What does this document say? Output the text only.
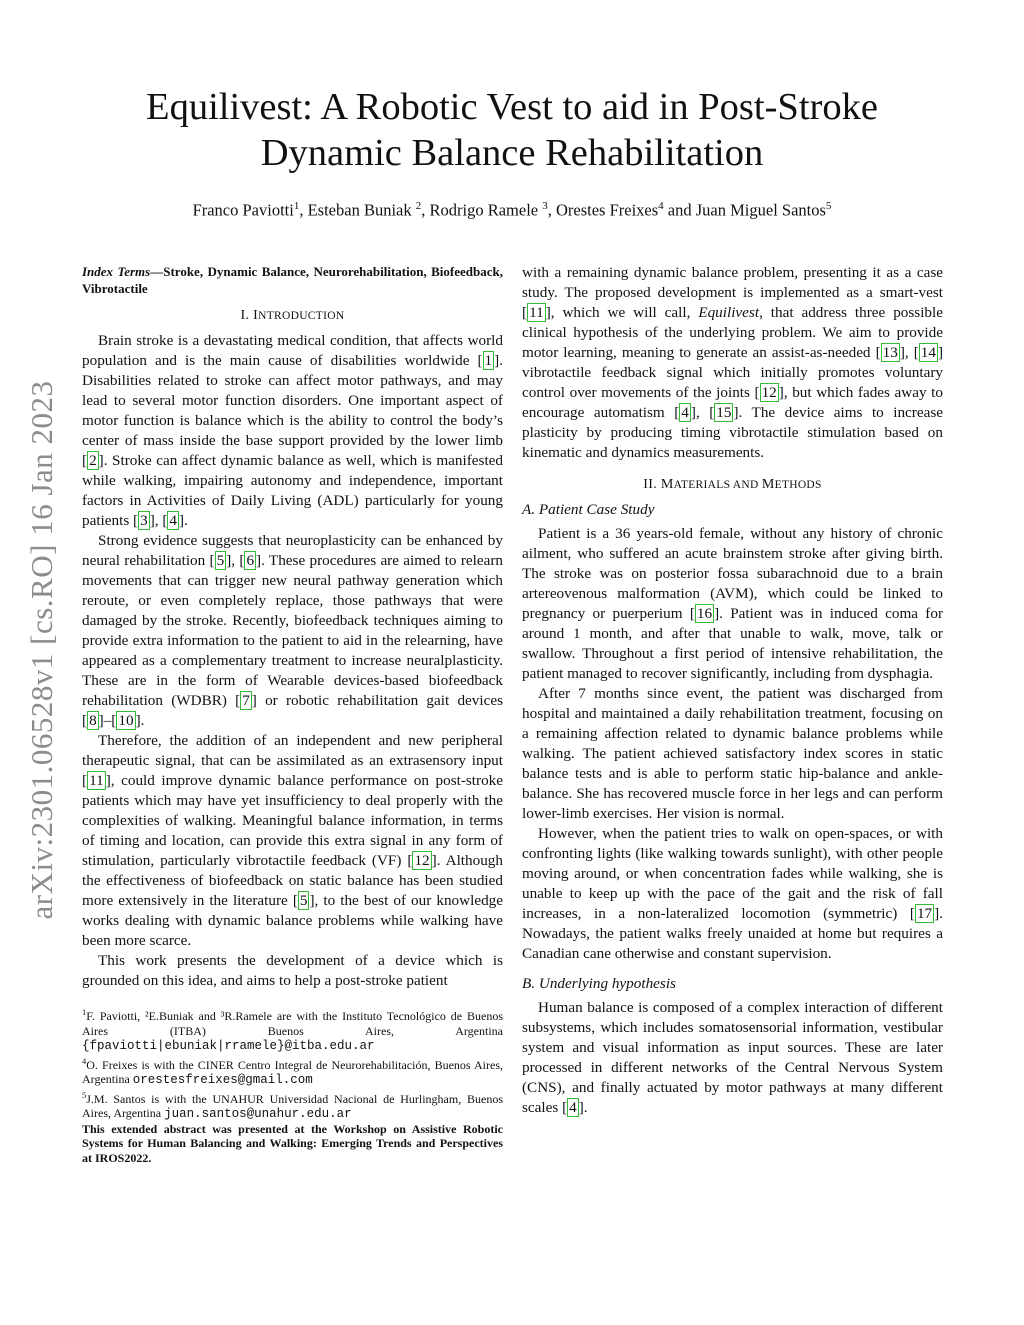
arXiv:2301.06528v1 [cs.RO] 16 Jan 2023
Equilivest: A Robotic Vest to aid in Post-Stroke
Dynamic Balance Rehabilitation
Franco Paviotti$^1$, Esteban Buniak $^2$, Rodrigo Ramele $^3$, Orestes Freixes$^4$ and Juan Miguel Santos$^5$
Index Terms—Stroke, Dynamic Balance, Neurorehabilitation, Biofeedback, Vibrotactile
I. INTRODUCTION

Brain stroke is a devastating medical condition, that affects world population and is the main cause of disabilities worldwide [ 1 ]. Disabilities related to stroke can affect motor pathways, and may lead to several motor function disorders. One important aspect of motor function is balance which is the ability to control the body’s center of mass inside the base support provided by the lower limb [ 2 ]. Stroke can affect dynamic balance as well, which is manifested while walking, impairing autonomy and independence, important factors in Activities of Daily Living (ADL) particularly for young patients [ 3 ], [ 4 ].

Strong evidence suggests that neuroplasticity can be enhanced by neural rehabilitation [ 5 ], [ 6 ]. These procedures are aimed to relearn movements that can trigger new neural pathway generation which reroute, or even completely replace, those pathways that were damaged by the stroke. Recently, biofeedback techniques aiming to provide extra information to the patient to aid in the relearning, have appeared as a complementary treatment to increase neuralplasticity. These are in the form of Wearable devices-based biofeedback rehabilitation (WDBR) [ 7 ] or robotic rehabilitation gait devices [ 8 ]–[ 10 ].

Therefore, the addition of an independent and new peripheral therapeutic signal, that can be assimilated as an extrasensory input [ 11 ], could improve dynamic balance performance on post-stroke patients which may have yet insufficiency to deal properly with the complexities of walking. Meaningful balance information, in terms of timing and location, can provide this extra signal in any form of stimulation, particularly vibrotactile feedback (VF) [ 12 ]. Although the effectiveness of biofeedback on static balance has been studied more extensively in the literature [ 5 ], to the best of our knowledge works dealing with dynamic balance problems while walking have been more scarce.

This work presents the development of a device which is grounded on this idea, and aims to help a post-stroke patient

$^1$F. Paviotti, ²E.Buniak and ³R.Ramele are with the Instituto Tecnológico de Buenos Aires (ITBA) Buenos Aires, Argentina {fpaviotti|ebuniak|rramele}@itba.edu.ar

$^4$O. Freixes is with the CINER Centro Integral de Neurorehabilitación, Buenos Aires, Argentina orestesfreixes@gmail.com

$^5$J.M. Santos is with the UNAHUR Universidad Nacional de Hurlingham, Buenos Aires, Argentina juan.santos@unahur.edu.ar

This extended abstract was presented at the Workshop on Assistive Robotic Systems for Human Balancing and Walking: Emerging Trends and Perspectives at IROS2022.

with a remaining dynamic balance problem, presenting it as a case study. The proposed development is implemented as a smart-vest [ 11 ], which we will call, Equilivest, that address three possible clinical hypothesis of the underlying problem. We aim to provide motor learning, meaning to generate an assist-as-needed [ 13 ], [ 14 ] vibrotactile feedback signal which initially promotes voluntary control over movements of the joints [ 12 ], but which fades away to encourage automatism [ 4 ], [ 15 ]. The device aims to increase plasticity by producing timing vibrotactile stimulation based on kinematic and dynamics measurements.

II. MATERIALS AND METHODS
A. Patient Case Study

Patient is a 36 years-old female, without any history of chronic ailment, who suffered an acute brainstem stroke after giving birth. The stroke was on posterior fossa subarachnoid due to a brain artereovenous malformation (AVM), which could be linked to pregnancy or puerperium [ 16 ]. Patient was in induced coma for around 1 month, and after that unable to walk, move, talk or swallow. Throughout a first period of intensive rehabilitation, the patient managed to recover significantly, including from dysphagia.

After 7 months since event, the patient was discharged from hospital and maintained a daily rehabilitation treatment, focusing on a remaining affection related to dynamic balance problems while walking. The patient achieved satisfactory index scores in static balance tests and is able to perform static hip-balance and ankle-balance. She has recovered muscle force in her legs and can perform lower-limb exercises. Her vision is normal.

However, when the patient tries to walk on open-spaces, or with confronting lights (like walking towards sunlight), with other people moving around, or when concentration fades while walking, she is unable to keep up with the pace of the gait and the risk of fall increases, in a non-lateralized locomotion (symmetric) [ 17 ]. Nowadays, the patient walks freely unaided at home but requires a Canadian cane otherwise and constant supervision.

B. Underlying hypothesis

Human balance is composed of a complex interaction of different subsystems, which includes somatosensorial information, vestibular system and visual information as input sources. These are later processed in different networks of the Central Nervous System (CNS), and finally actuated by motor pathways at many different scales [ 4 ].
